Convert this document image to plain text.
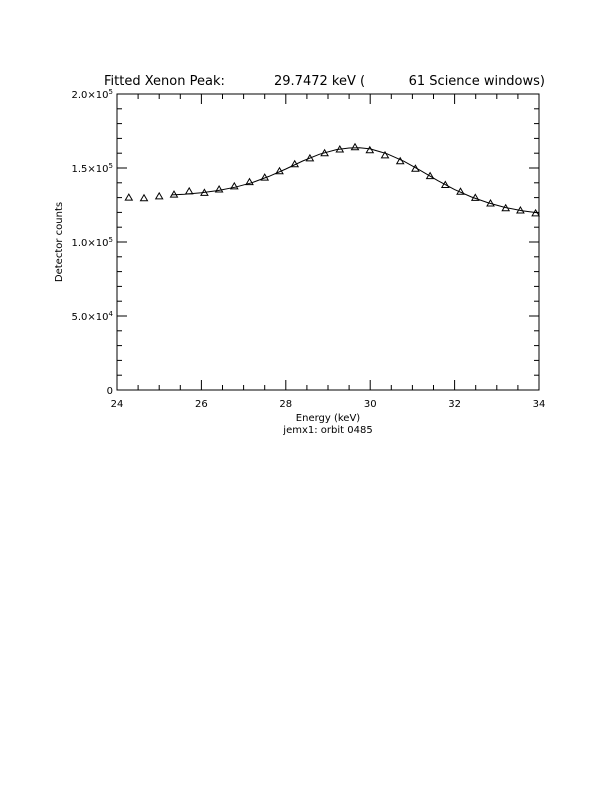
Fitted Xenon Peak:	29.7472 keV (	61 Science windows)
24	26	28	30	32	34
0
$5.0\times 10^4$
$1.0\times 10^5$
$1.5\times 10^5$
$2.0\times 10^5$
Energy (keV)
jemx1: orbit 0485
Detector counts
